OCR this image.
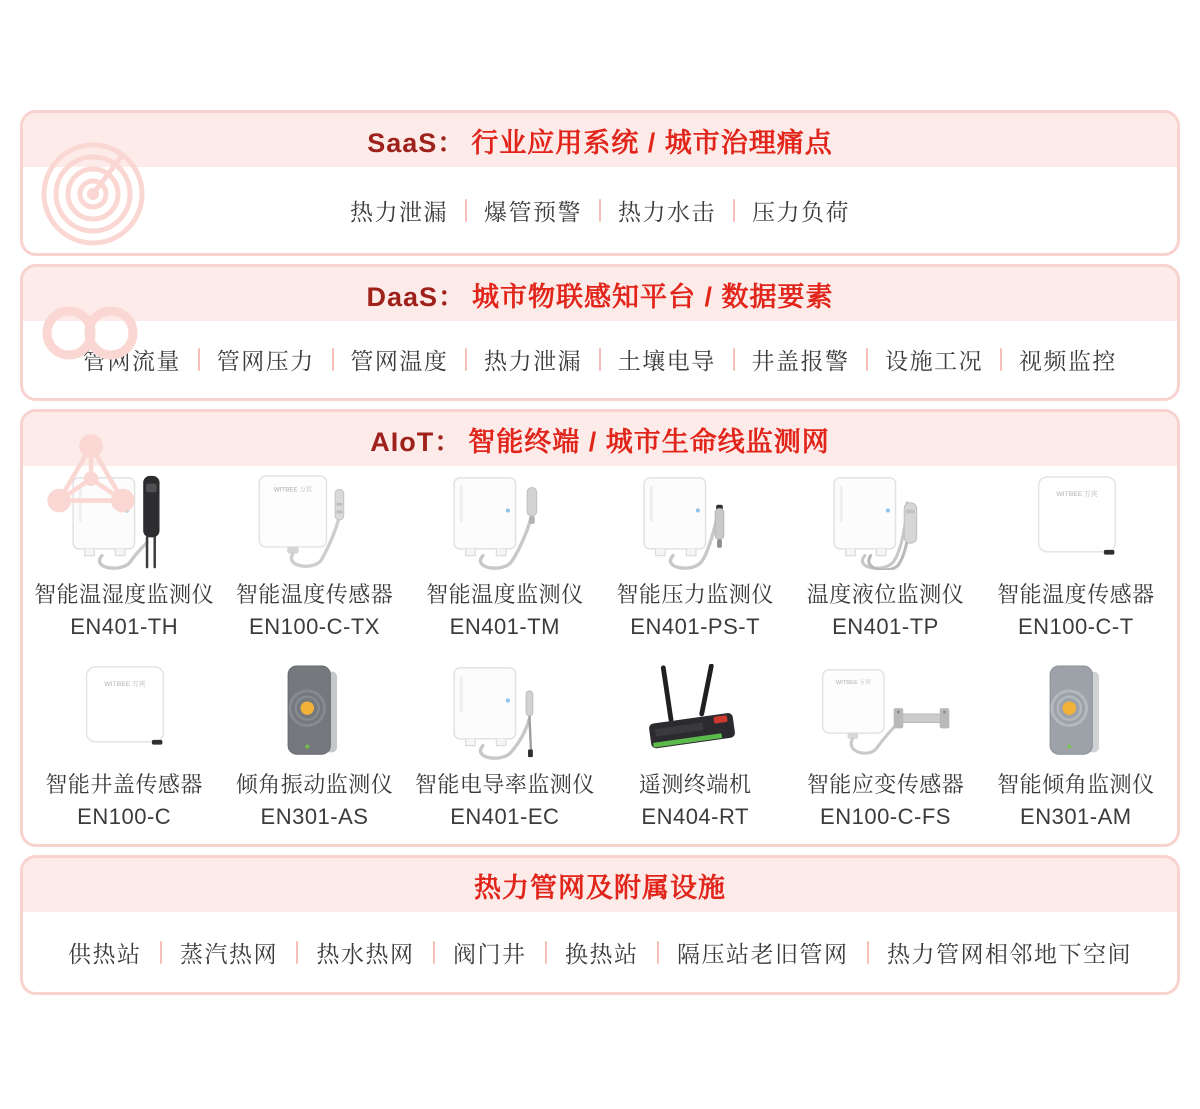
SaaS： 行业应用系统 / 城市治理痛点
热力泄漏 爆管预警 热力水击 压力负荷
DaaS： 城市物联感知平台 / 数据要素
管网流量 管网压力 管网温度 热力泄漏 土壤电导 井盖报警 设施工况 视频监控
AIoT： 智能终端 / 城市生命线监测网
智能温湿度监测仪
EN401-TH
智能温度传感器
EN100-C-TX
智能温度监测仪
EN401-TM
智能压力监测仪
EN401-PS-T
温度液位监测仪
EN401-TP
智能温度传感器
EN100-C-T
智能井盖传感器
EN100-C
倾角振动监测仪
EN301-AS
智能电导率监测仪
EN401-EC
遥测终端机
EN404-RT
智能应变传感器
EN100-C-FS
智能倾角监测仪
EN301-AM
热力管网及附属设施
供热站 蒸汽热网 热水热网 阀门井 换热站 隔压站老旧管网 热力管网相邻地下空间
